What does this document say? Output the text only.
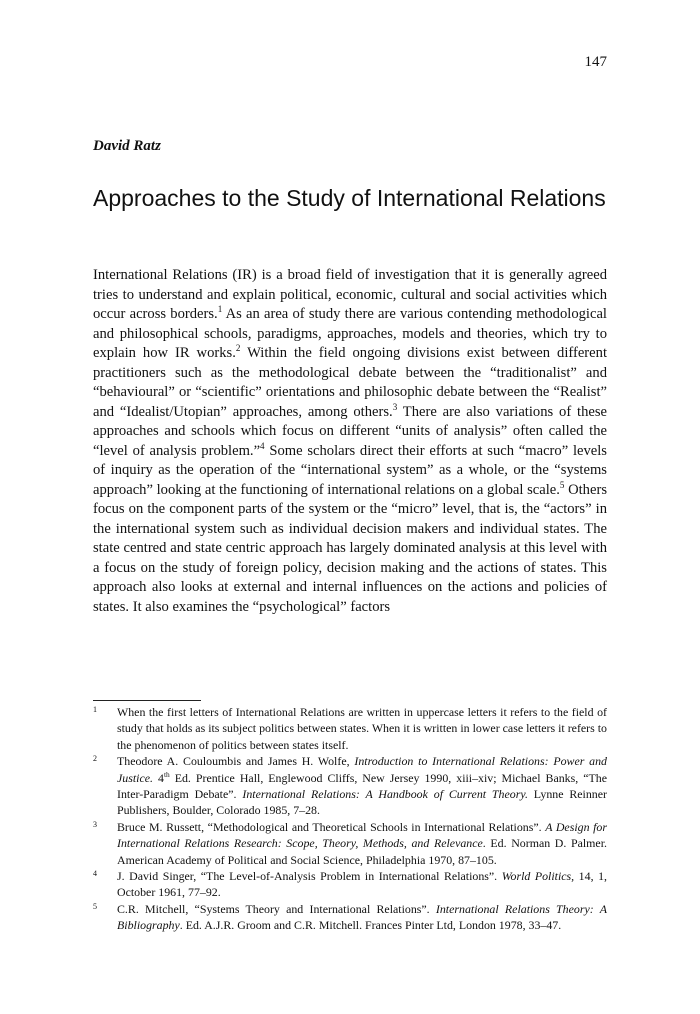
147
David Ratz
Approaches to the Study of International Relations

International Relations (IR) is a broad field of investigation that it is generally agreed tries to understand and explain political, economic, cultural and social activities which occur across borders.$^1$ As an area of study there are various contending methodological and philosophical schools, paradigms, approaches, models and theories, which try to explain how IR works.$^2$ Within the field ongoing divisions exist between different practitioners such as the methodological debate between the “traditionalist” and “behavioural” or “scientific” orientations and philosophic debate between the “Realist” and “Idealist/Utopian” approaches, among others.$^3$ There are also variations of these approaches and schools which focus on different “units of analysis” often called the “level of analysis problem.”$^4$ Some scholars direct their efforts at such “macro” levels of inquiry as the operation of the “international system” as a whole, or the “systems approach” looking at the functioning of international relations on a global scale.$^5$ Others focus on the component parts of the system or the “micro” level, that is, the “actors” in the international system such as individual decision makers and individual states. The state centred and state centric approach has largely dominated analysis at this level with a focus on the study of foreign policy, decision making and the actions of states. This approach also looks at external and internal influences on the actions and policies of states. It also examines the “psychological” factors

1 When the first letters of International Relations are written in uppercase letters it refers to the field of study that holds as its subject politics between states. When it is written in lower case letters it refers to the phenomenon of politics between states itself.
2 Theodore A. Couloumbis and James H. Wolfe, Introduction to International Relations: Power and Justice. 4th Ed. Prentice Hall, Englewood Cliffs, New Jersey 1990, xiii–xiv; Michael Banks, “The Inter-Paradigm Debate”. International Relations: A Handbook of Current Theory. Lynne Reinner Publishers, Boulder, Colorado 1985, 7–28.
3 Bruce M. Russett, “Methodological and Theoretical Schools in International Relations”. A Design for International Relations Research: Scope, Theory, Methods, and Relevance. Ed. Norman D. Palmer. American Academy of Political and Social Science, Philadelphia 1970, 87–105.
4 J. David Singer, “The Level-of-Analysis Problem in International Relations”. World Politics, 14, 1, October 1961, 77–92.
5 C.R. Mitchell, “Systems Theory and International Relations”. International Relations Theory: A Bibliography. Ed. A.J.R. Groom and C.R. Mitchell. Frances Pinter Ltd, London 1978, 33–47.
